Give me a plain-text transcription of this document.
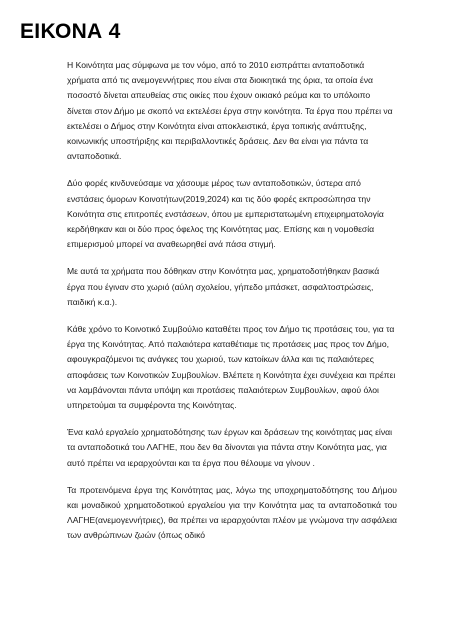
ΕΙΚΟΝΑ 4

Η Κοινότητα μας σύμφωνα με τον νόμο, από το 2010 εισπράττει ανταποδοτικά χρήματα από τις ανεμογεννήτριες που είναι στα διοικητικά της όρια, τα οποία ένα ποσοστό δίνεται απευθείας στις οικίες που έχουν οικιακό ρεύμα και το υπόλοιπο δίνεται στον Δήμο με σκοπό να εκτελέσει έργα στην κοινότητα. Τα έργα που πρέπει να εκτελέσει ο Δήμος στην Κοινότητα είναι αποκλειστικά, έργα τοπικής ανάπτυξης, κοινωνικής υποστήριξης και περιβαλλοντικές δράσεις. Δεν θα είναι για πάντα τα ανταποδοτικά.

Δύο φορές κινδυνεύσαμε να χάσουμε μέρος των ανταποδοτικών, ύστερα από ενστάσεις όμορων Κοινοτήτων(2019,2024) και τις δύο φορές εκπροσώπησα την Κοινότητα στις επιτροπές ενστάσεων, όπου με εμπεριστατωμένη επιχειρηματολογία κερδήθηκαν και οι δύο προς όφελος της Κοινότητας μας. Επίσης και η νομοθεσία επιμερισμού μπορεί να αναθεωρηθεί ανά πάσα στιγμή.

Με αυτά τα χρήματα που δόθηκαν στην Κοινότητα μας, χρηματοδοτήθηκαν βασικά έργα που έγιναν στο χωριό (αύλη σχολείου, γήπεδο μπάσκετ, ασφαλτοστρώσεις, παιδική κ.α.).

Κάθε χρόνο το Κοινοτικό Συμβούλιο καταθέτει προς τον Δήμο τις προτάσεις του, για τα έργα της Κοινότητας. Από παλαιότερα καταθέτιαμε τις προτάσεις μας προς τον Δήμο, αφουγκραζόμενοι τις ανάγκες του χωριού, των κατοίκων άλλα και τις παλαιότερες αποφάσεις των Κοινοτικών Συμβουλίων. Βλέπετε η Κοινότητα έχει συνέχεια και πρέπει να λαμβάνονται πάντα υπόψη και προτάσεις παλαιότερων Συμβουλίων, αφού όλοι υπηρετούμαι τα συμφέροντα της Κοινότητας.

Ένα καλό εργαλείο χρηματοδότησης των έργων και δράσεων της κοινότητας μας είναι τα ανταποδοτικά του ΛΑΓΗΕ, που δεν θα δίνονται για πάντα στην Κοινότητα μας, για αυτό πρέπει να ιεραρχούνται και τα έργα που θέλουμε να γίνουν .

Τα προτεινόμενα έργα της Κοινότητας μας, λόγω της υποχρηματοδότησης του Δήμου και μοναδικού χρηματοδοτικού εργαλείου για την Κοινότητα μας τα ανταποδοτικά του ΛΑΓΗΕ(ανεμογεννήτριες), θα πρέπει να ιεραρχούνται πλέον με γνώμονα την ασφάλεια των ανθρώπινων ζωών (όπως οδικό
